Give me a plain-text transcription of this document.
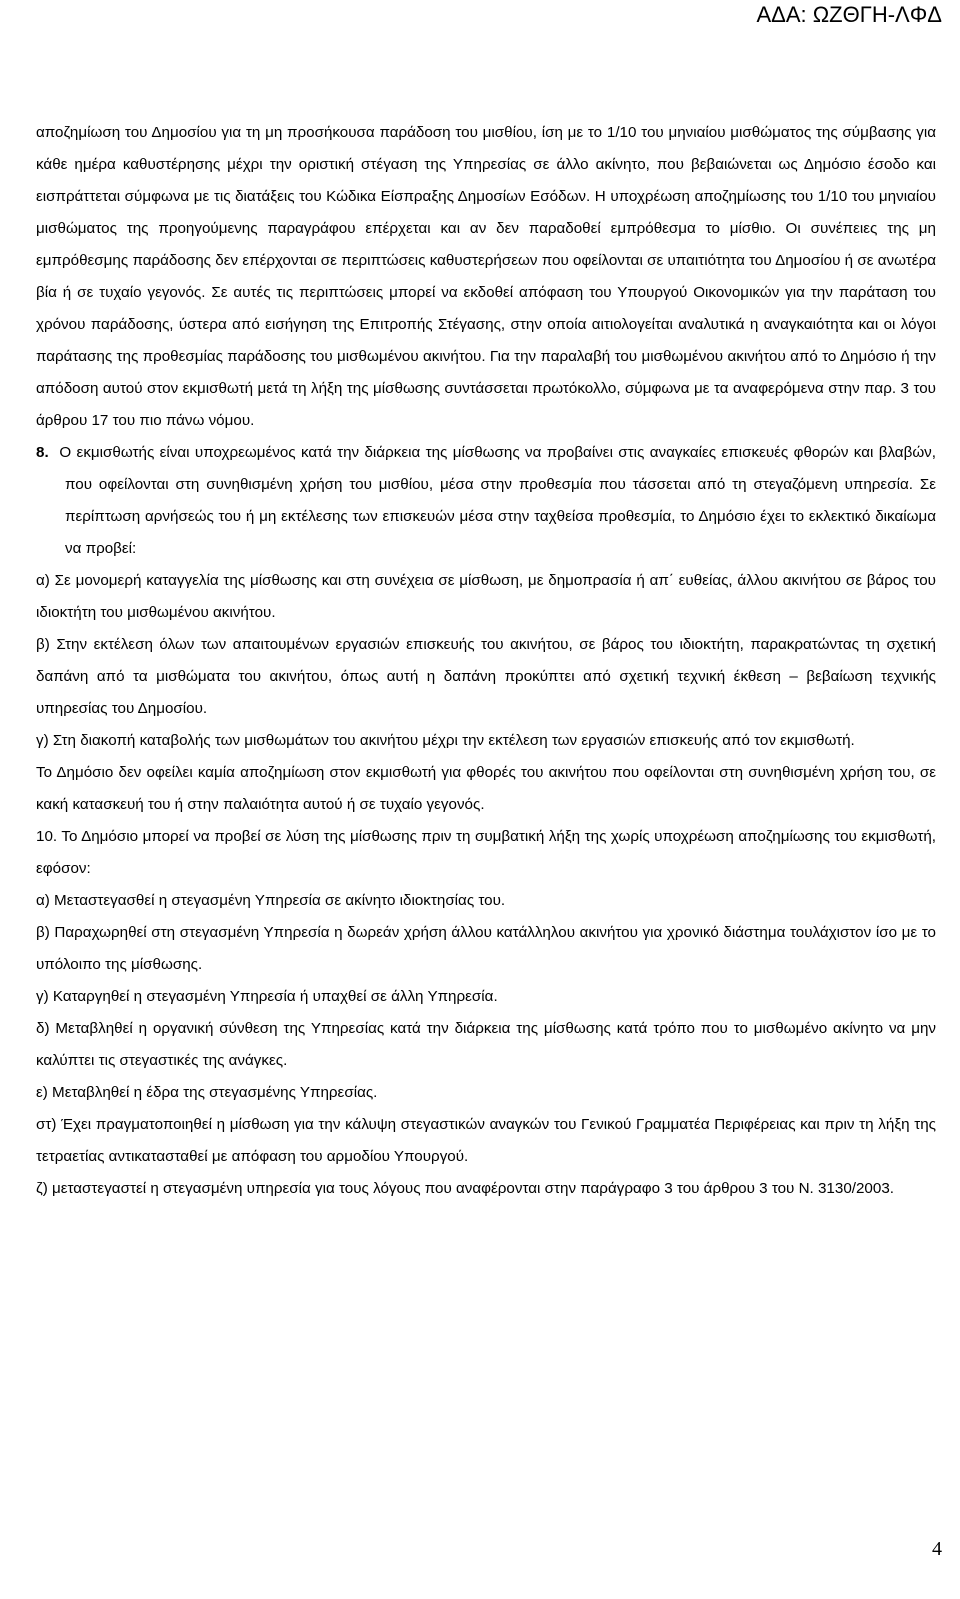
ΑΔΑ: ΩΖΘΓΗ-ΛΦΔ

αποζημίωση του Δημοσίου για τη μη προσήκουσα παράδοση του μισθίου, ίση με το 1/10 του μηνιαίου μισθώματος της σύμβασης για κάθε ημέρα καθυστέρησης μέχρι την οριστική στέγαση της Υπηρεσίας σε άλλο ακίνητο, που βεβαιώνεται ως Δημόσιο έσοδο και εισπράττεται σύμφωνα με τις διατάξεις του Κώδικα Είσπραξης Δημοσίων Εσόδων. Η υποχρέωση αποζημίωσης του 1/10 του μηνιαίου μισθώματος της προηγούμενης παραγράφου επέρχεται και αν δεν παραδοθεί εμπρόθεσμα το μίσθιο. Οι συνέπειες της μη εμπρόθεσμης παράδοσης δεν επέρχονται σε περιπτώσεις καθυστερήσεων που οφείλονται σε υπαιτιότητα του Δημοσίου ή σε ανωτέρα βία ή σε τυχαίο γεγονός. Σε αυτές τις περιπτώσεις μπορεί να εκδοθεί απόφαση του Υπουργού Οικονομικών για την παράταση του χρόνου παράδοσης, ύστερα από εισήγηση της Επιτροπής Στέγασης, στην οποία αιτιολογείται αναλυτικά η αναγκαιότητα και οι λόγοι παράτασης της προθεσμίας παράδοσης του μισθωμένου ακινήτου. Για την παραλαβή του μισθωμένου ακινήτου από το Δημόσιο ή την απόδοση αυτού στον εκμισθωτή μετά τη λήξη της μίσθωσης συντάσσεται πρωτόκολλο, σύμφωνα με τα αναφερόμενα στην παρ. 3 του άρθρου 17 του πιο πάνω νόμου.

8. Ο εκμισθωτής είναι υποχρεωμένος κατά την διάρκεια της μίσθωσης να προβαίνει στις αναγκαίες επισκευές φθορών και βλαβών, που οφείλονται στη συνηθισμένη χρήση του μισθίου, μέσα στην προθεσμία που τάσσεται από τη στεγαζόμενη υπηρεσία. Σε περίπτωση αρνήσεώς του ή μη εκτέλεσης των επισκευών μέσα στην ταχθείσα προθεσμία, το Δημόσιο έχει το εκλεκτικό δικαίωμα να προβεί:

α) Σε μονομερή καταγγελία της μίσθωσης και στη συνέχεια σε μίσθωση, με δημοπρασία ή απ΄ ευθείας, άλλου ακινήτου σε βάρος του ιδιοκτήτη του μισθωμένου ακινήτου.

β) Στην εκτέλεση όλων των απαιτουμένων εργασιών επισκευής του ακινήτου, σε βάρος του ιδιοκτήτη, παρακρατώντας τη σχετική δαπάνη από τα μισθώματα του ακινήτου, όπως αυτή η δαπάνη προκύπτει από σχετική τεχνική έκθεση – βεβαίωση τεχνικής υπηρεσίας του Δημοσίου.

γ) Στη διακοπή καταβολής των μισθωμάτων του ακινήτου μέχρι την εκτέλεση των εργασιών επισκευής από τον εκμισθωτή.

Το Δημόσιο δεν οφείλει καμία αποζημίωση στον εκμισθωτή για φθορές του ακινήτου που οφείλονται στη συνηθισμένη χρήση του, σε κακή κατασκευή του ή στην παλαιότητα αυτού ή σε τυχαίο γεγονός.

10. Το Δημόσιο μπορεί να προβεί σε λύση της μίσθωσης πριν τη συμβατική λήξη της χωρίς υποχρέωση αποζημίωσης του εκμισθωτή, εφόσον:

α) Μεταστεγασθεί η στεγασμένη Υπηρεσία σε ακίνητο ιδιοκτησίας του.

β) Παραχωρηθεί στη στεγασμένη Υπηρεσία η δωρεάν χρήση άλλου κατάλληλου ακινήτου για χρονικό διάστημα τουλάχιστον ίσο με το υπόλοιπο της μίσθωσης.

γ) Καταργηθεί η στεγασμένη Υπηρεσία ή υπαχθεί σε άλλη Υπηρεσία.

δ) Μεταβληθεί η οργανική σύνθεση της Υπηρεσίας κατά την διάρκεια της μίσθωσης κατά τρόπο που το μισθωμένο ακίνητο να μην καλύπτει τις στεγαστικές της ανάγκες.

ε) Μεταβληθεί η έδρα της στεγασμένης Υπηρεσίας.

στ) Έχει πραγματοποιηθεί η μίσθωση για την κάλυψη στεγαστικών αναγκών του Γενικού Γραμματέα Περιφέρειας και πριν τη λήξη της τετραετίας αντικατασταθεί με απόφαση του αρμοδίου Υπουργού.

ζ) μεταστεγαστεί η στεγασμένη υπηρεσία για τους λόγους που αναφέρονται στην παράγραφο 3 του άρθρου 3 του Ν. 3130/2003.

4
